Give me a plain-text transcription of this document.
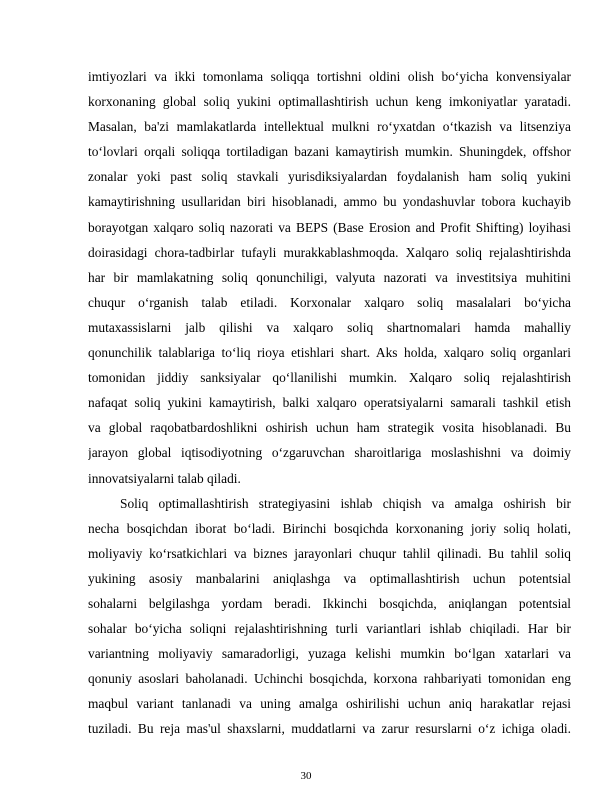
imtiyozlari va ikki tomonlama soliqqa tortishni oldini olish bo‘yicha konvensiyalar
korxonaning global soliq yukini optimallashtirish uchun keng imkoniyatlar yaratadi.
Masalan, ba'zi mamlakatlarda intellektual mulkni ro‘yxatdan o‘tkazish va litsenziya
to‘lovlari orqali soliqqa tortiladigan bazani kamaytirish mumkin. Shuningdek, offshor
zonalar yoki past soliq stavkali yurisdiksiyalardan foydalanish ham soliq yukini
kamaytirishning usullaridan biri hisoblanadi, ammo bu yondashuvlar tobora kuchayib
borayotgan xalqaro soliq nazorati va BEPS (Base Erosion and Profit Shifting) loyihasi
doirasidagi chora-tadbirlar tufayli murakkablashmoqda. Xalqaro soliq rejalashtirishda
har bir mamlakatning soliq qonunchiligi, valyuta nazorati va investitsiya muhitini
chuqur o‘rganish talab etiladi. Korxonalar xalqaro soliq masalalari bo‘yicha
mutaxassislarni jalb qilishi va xalqaro soliq shartnomalari hamda mahalliy
qonunchilik talablariga to‘liq rioya etishlari shart. Aks holda, xalqaro soliq organlari
tomonidan jiddiy sanksiyalar qo‘llanilishi mumkin. Xalqaro soliq rejalashtirish
nafaqat soliq yukini kamaytirish, balki xalqaro operatsiyalarni samarali tashkil etish
va global raqobatbardoshlikni oshirish uchun ham strategik vosita hisoblanadi. Bu
jarayon global iqtisodiyotning o‘zgaruvchan sharoitlariga moslashishni va doimiy
innovatsiyalarni talab qiladi.
Soliq optimallashtirish strategiyasini ishlab chiqish va amalga oshirish bir
necha bosqichdan iborat bo‘ladi. Birinchi bosqichda korxonaning joriy soliq holati,
moliyaviy ko‘rsatkichlari va biznes jarayonlari chuqur tahlil qilinadi. Bu tahlil soliq
yukining asosiy manbalarini aniqlashga va optimallashtirish uchun potentsial
sohalarni belgilashga yordam beradi. Ikkinchi bosqichda, aniqlangan potentsial
sohalar bo‘yicha soliqni rejalashtirishning turli variantlari ishlab chiqiladi. Har bir
variantning moliyaviy samaradorligi, yuzaga kelishi mumkin bo‘lgan xatarlari va
qonuniy asoslari baholanadi. Uchinchi bosqichda, korxona rahbariyati tomonidan eng
maqbul variant tanlanadi va uning amalga oshirilishi uchun aniq harakatlar rejasi
tuziladi. Bu reja mas'ul shaxslarni, muddatlarni va zarur resurslarni o‘z ichiga oladi.
30
